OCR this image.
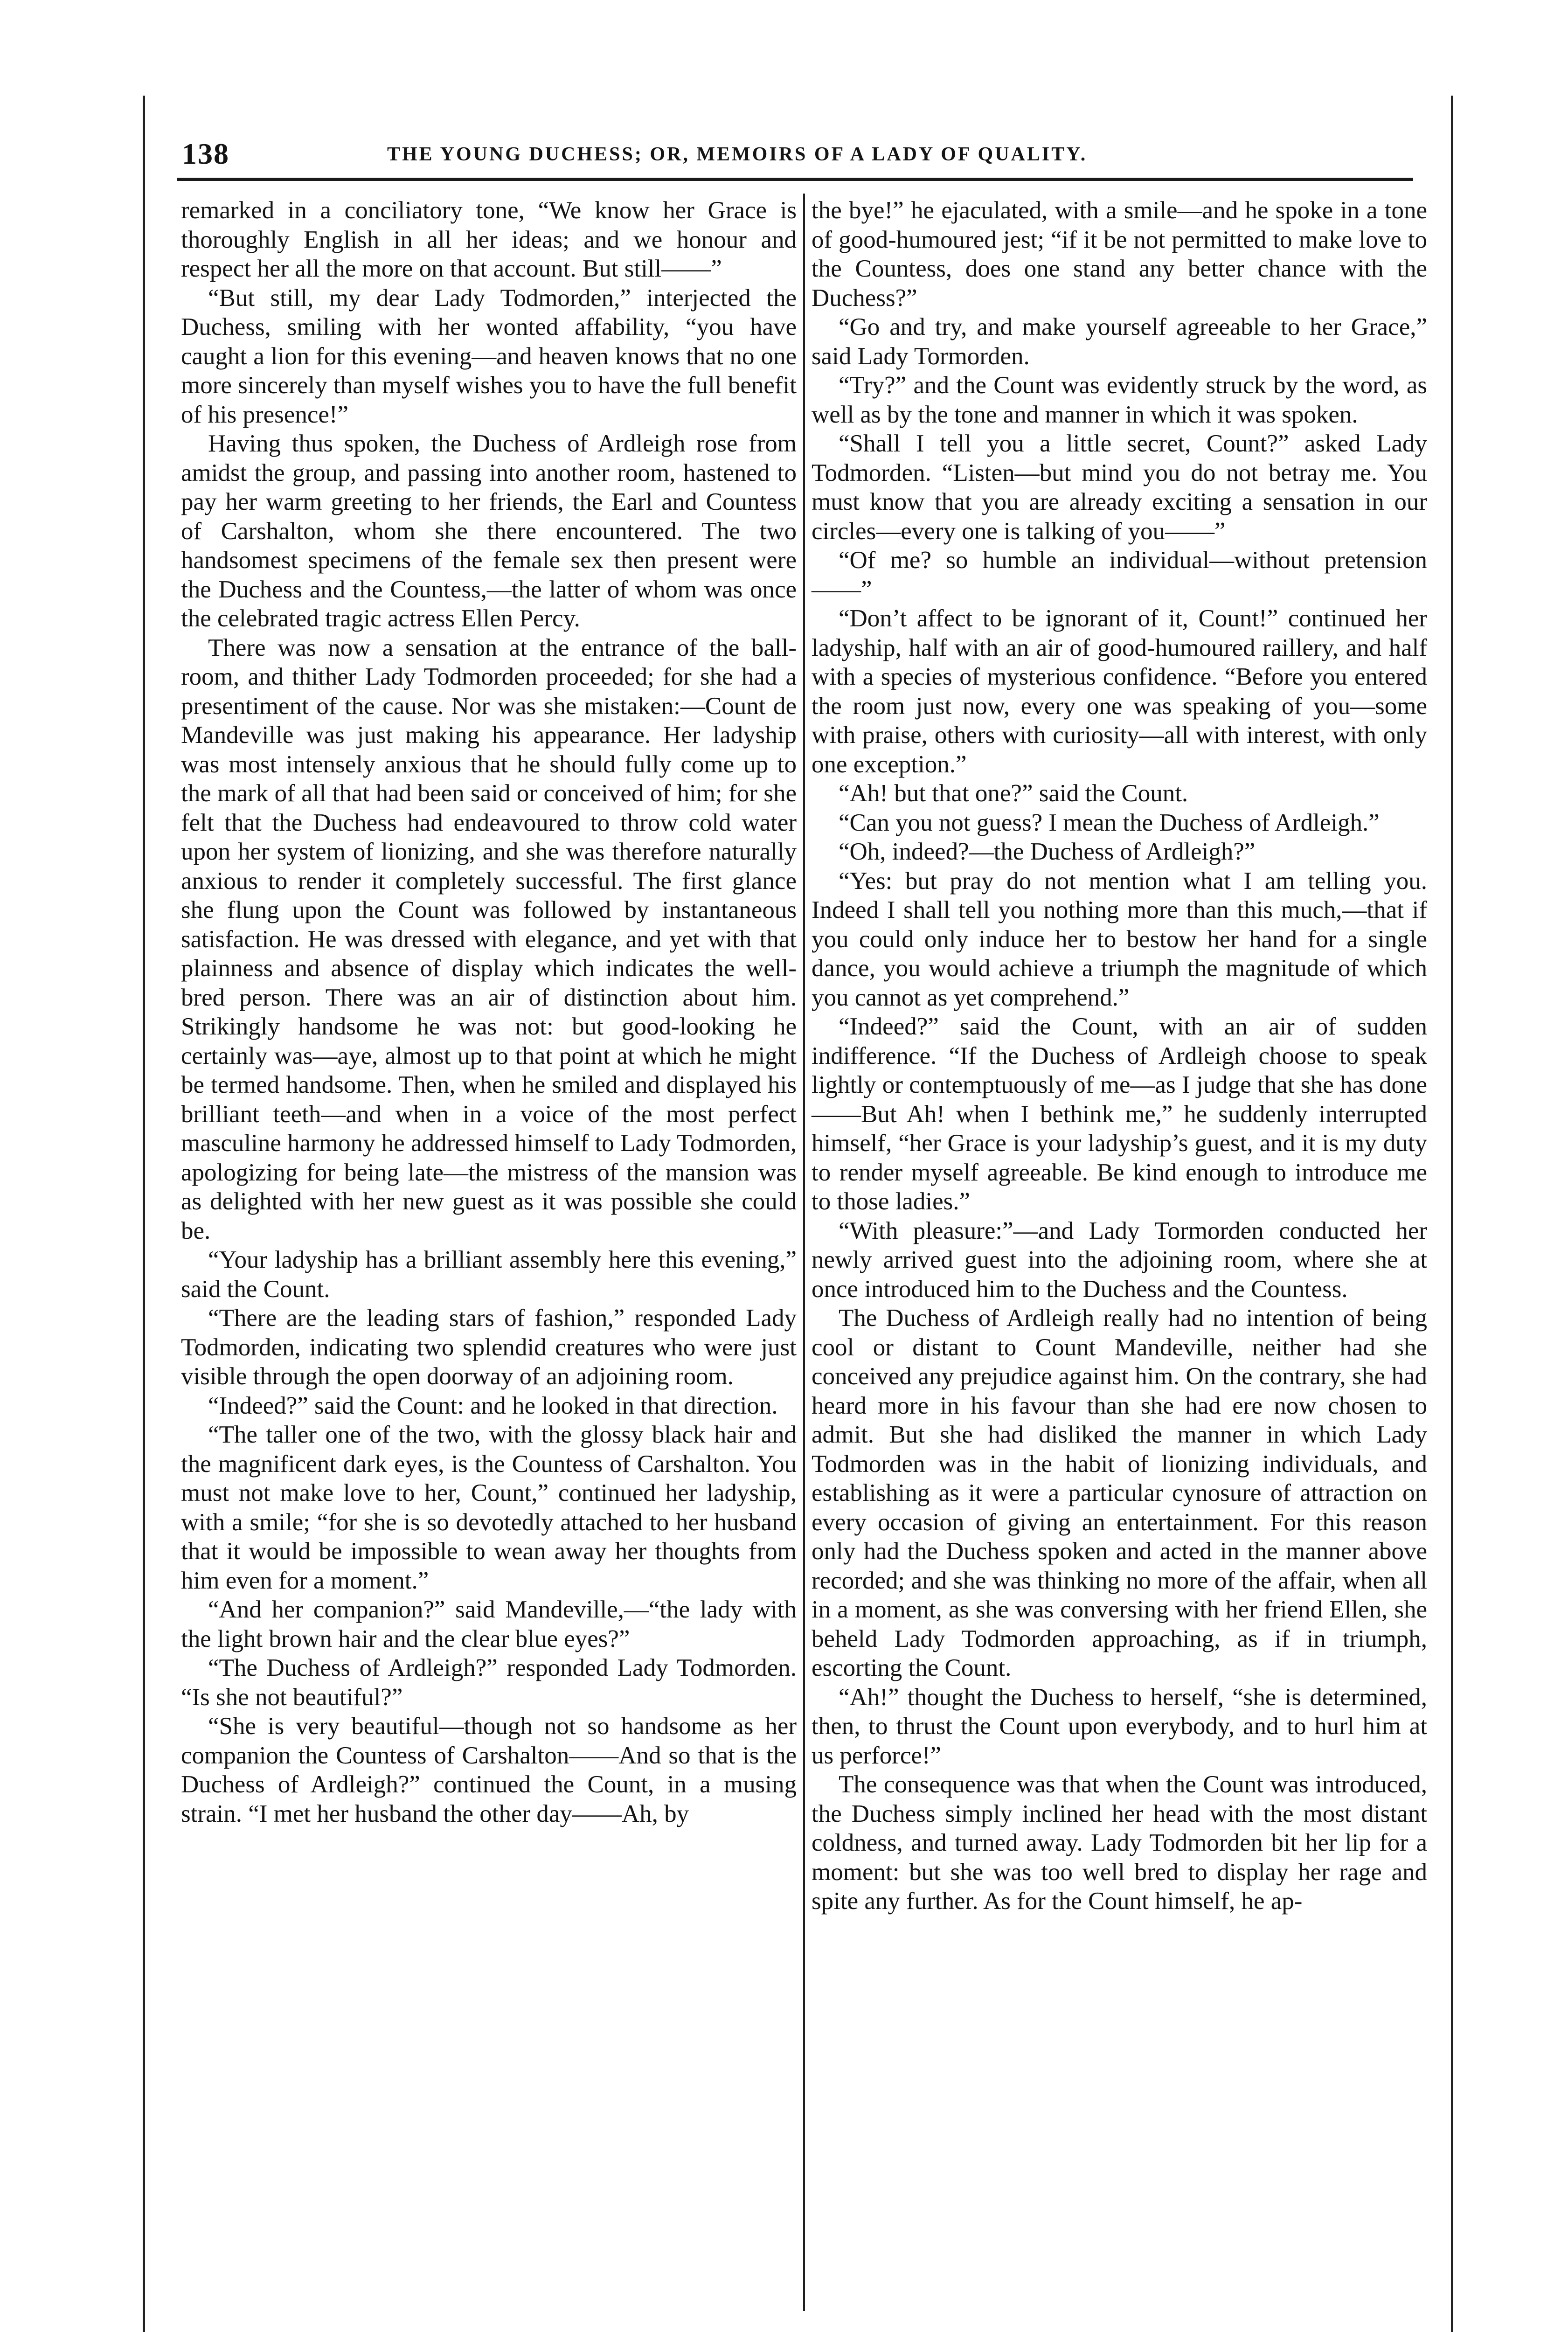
138	THE YOUNG DUCHESS; OR, MEMOIRS OF A LADY OF QUALITY.

remarked in a conciliatory tone, “We know her Grace is thoroughly English in all her ideas; and we honour and respect her all the more on that account. But still——”

“But still, my dear Lady Todmorden,” interjected the Duchess, smiling with her wonted affability, “you have caught a lion for this evening—and heaven knows that no one more sincerely than myself wishes you to have the full benefit of his presence!”

Having thus spoken, the Duchess of Ardleigh rose from amidst the group, and passing into another room, hastened to pay her warm greeting to her friends, the Earl and Countess of Carshalton, whom she there encountered. The two handsomest specimens of the female sex then present were the Duchess and the Countess,—the latter of whom was once the celebrated tragic actress Ellen Percy.

There was now a sensation at the entrance of the ball-room, and thither Lady Todmorden proceeded; for she had a presentiment of the cause. Nor was she mistaken:—Count de Mandeville was just making his appearance. Her ladyship was most intensely anxious that he should fully come up to the mark of all that had been said or conceived of him; for she felt that the Duchess had endeavoured to throw cold water upon her system of lionizing, and she was therefore naturally anxious to render it completely successful. The first glance she flung upon the Count was followed by instantaneous satisfaction. He was dressed with elegance, and yet with that plainness and absence of display which indicates the well-bred person. There was an air of distinction about him. Strikingly handsome he was not: but good-looking he certainly was—aye, almost up to that point at which he might be termed handsome. Then, when he smiled and displayed his brilliant teeth—and when in a voice of the most perfect masculine harmony he addressed himself to Lady Todmorden, apologizing for being late—the mistress of the mansion was as delighted with her new guest as it was possible she could be.

“Your ladyship has a brilliant assembly here this evening,” said the Count.

“There are the leading stars of fashion,” responded Lady Todmorden, indicating two splendid creatures who were just visible through the open doorway of an adjoining room.

“Indeed?” said the Count: and he looked in that direction.

“The taller one of the two, with the glossy black hair and the magnificent dark eyes, is the Countess of Carshalton. You must not make love to her, Count,” continued her ladyship, with a smile; “for she is so devotedly attached to her husband that it would be impossible to wean away her thoughts from him even for a moment.”

“And her companion?” said Mandeville,—“the lady with the light brown hair and the clear blue eyes?”

“The Duchess of Ardleigh?” responded Lady Todmorden. “Is she not beautiful?”

“She is very beautiful—though not so handsome as her companion the Countess of Carshalton——And so that is the Duchess of Ardleigh?” continued the Count, in a musing strain. “I met her husband the other day——Ah, by

the bye!” he ejaculated, with a smile—and he spoke in a tone of good-humoured jest; “if it be not permitted to make love to the Countess, does one stand any better chance with the Duchess?”

“Go and try, and make yourself agreeable to her Grace,” said Lady Tormorden.

“Try?” and the Count was evidently struck by the word, as well as by the tone and manner in which it was spoken.

“Shall I tell you a little secret, Count?” asked Lady Todmorden. “Listen—but mind you do not betray me. You must know that you are already exciting a sensation in our circles—every one is talking of you——”

“Of me? so humble an individual—without pretension——”

“Don’t affect to be ignorant of it, Count!” continued her ladyship, half with an air of good-humoured raillery, and half with a species of mysterious confidence. “Before you entered the room just now, every one was speaking of you—some with praise, others with curiosity—all with interest, with only one exception.”

“Ah! but that one?” said the Count.

“Can you not guess? I mean the Duchess of Ardleigh.”

“Oh, indeed?—the Duchess of Ardleigh?”

“Yes: but pray do not mention what I am telling you. Indeed I shall tell you nothing more than this much,—that if you could only induce her to bestow her hand for a single dance, you would achieve a triumph the magnitude of which you cannot as yet comprehend.”

“Indeed?” said the Count, with an air of sudden indifference. “If the Duchess of Ardleigh choose to speak lightly or contemptuously of me—as I judge that she has done——But Ah! when I bethink me,” he suddenly interrupted himself, “her Grace is your ladyship’s guest, and it is my duty to render myself agreeable. Be kind enough to introduce me to those ladies.”

“With pleasure:”—and Lady Tormorden conducted her newly arrived guest into the adjoining room, where she at once introduced him to the Duchess and the Countess.

The Duchess of Ardleigh really had no intention of being cool or distant to Count Mandeville, neither had she conceived any prejudice against him. On the contrary, she had heard more in his favour than she had ere now chosen to admit. But she had disliked the manner in which Lady Todmorden was in the habit of lionizing individuals, and establishing as it were a particular cynosure of attraction on every occasion of giving an entertainment. For this reason only had the Duchess spoken and acted in the manner above recorded; and she was thinking no more of the affair, when all in a moment, as she was conversing with her friend Ellen, she beheld Lady Todmorden approaching, as if in triumph, escorting the Count.

“Ah!” thought the Duchess to herself, “she is determined, then, to thrust the Count upon everybody, and to hurl him at us perforce!”

The consequence was that when the Count was introduced, the Duchess simply inclined her head with the most distant coldness, and turned away. Lady Todmorden bit her lip for a moment: but she was too well bred to display her rage and spite any further. As for the Count himself, he ap-
